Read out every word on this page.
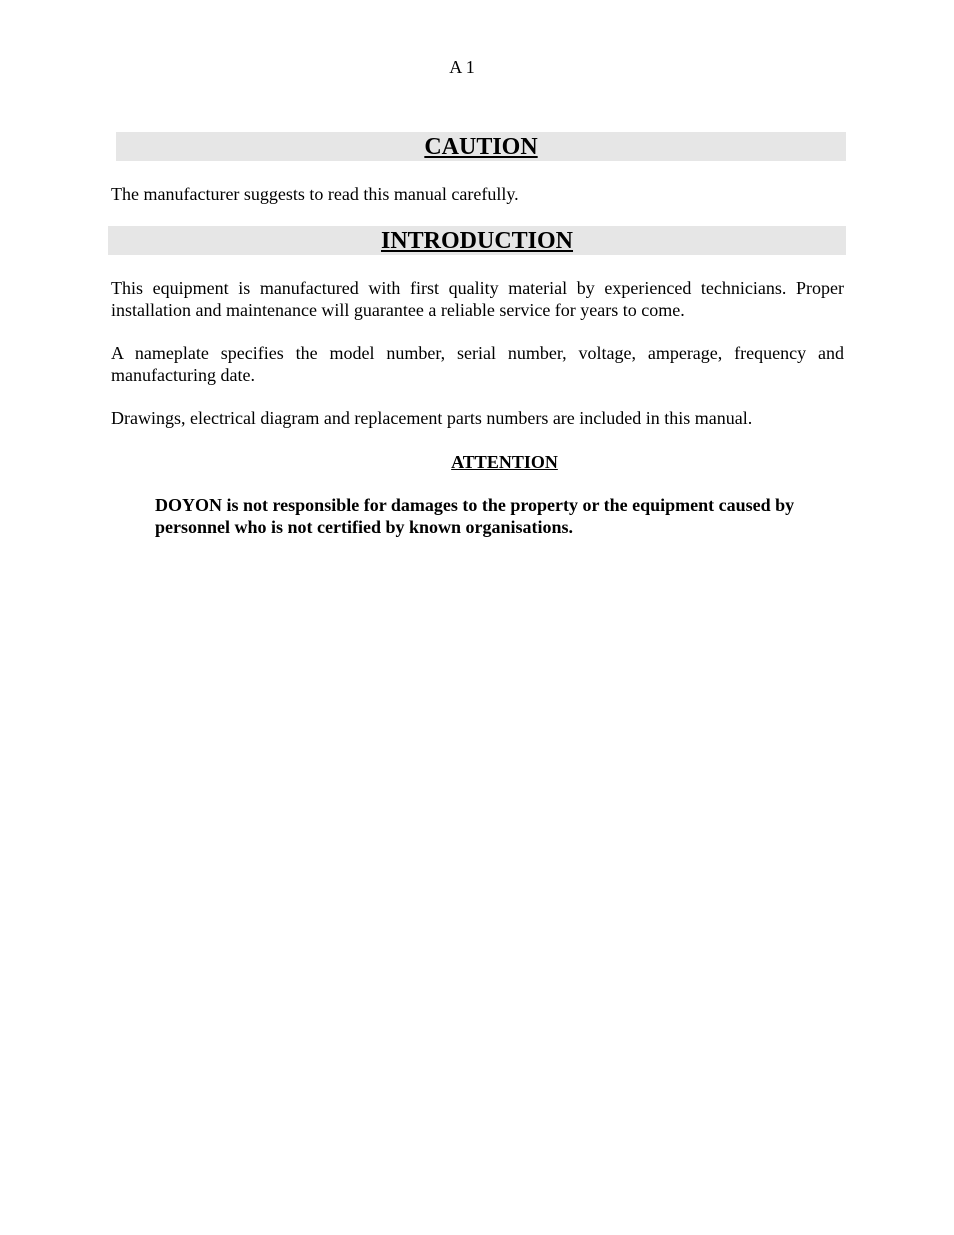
A 1
CAUTION

The manufacturer suggests to read this manual carefully.

INTRODUCTION

This equipment is manufactured with first quality material by experienced technicians. Proper installation and maintenance will guarantee a reliable service for years to come.

A nameplate specifies the model number, serial number, voltage, amperage, frequency and manufacturing date.

Drawings, electrical diagram and replacement parts numbers are included in this manual.

ATTENTION

DOYON is not responsible for damages to the property or the equipment caused by personnel who is not certified by known organisations.
